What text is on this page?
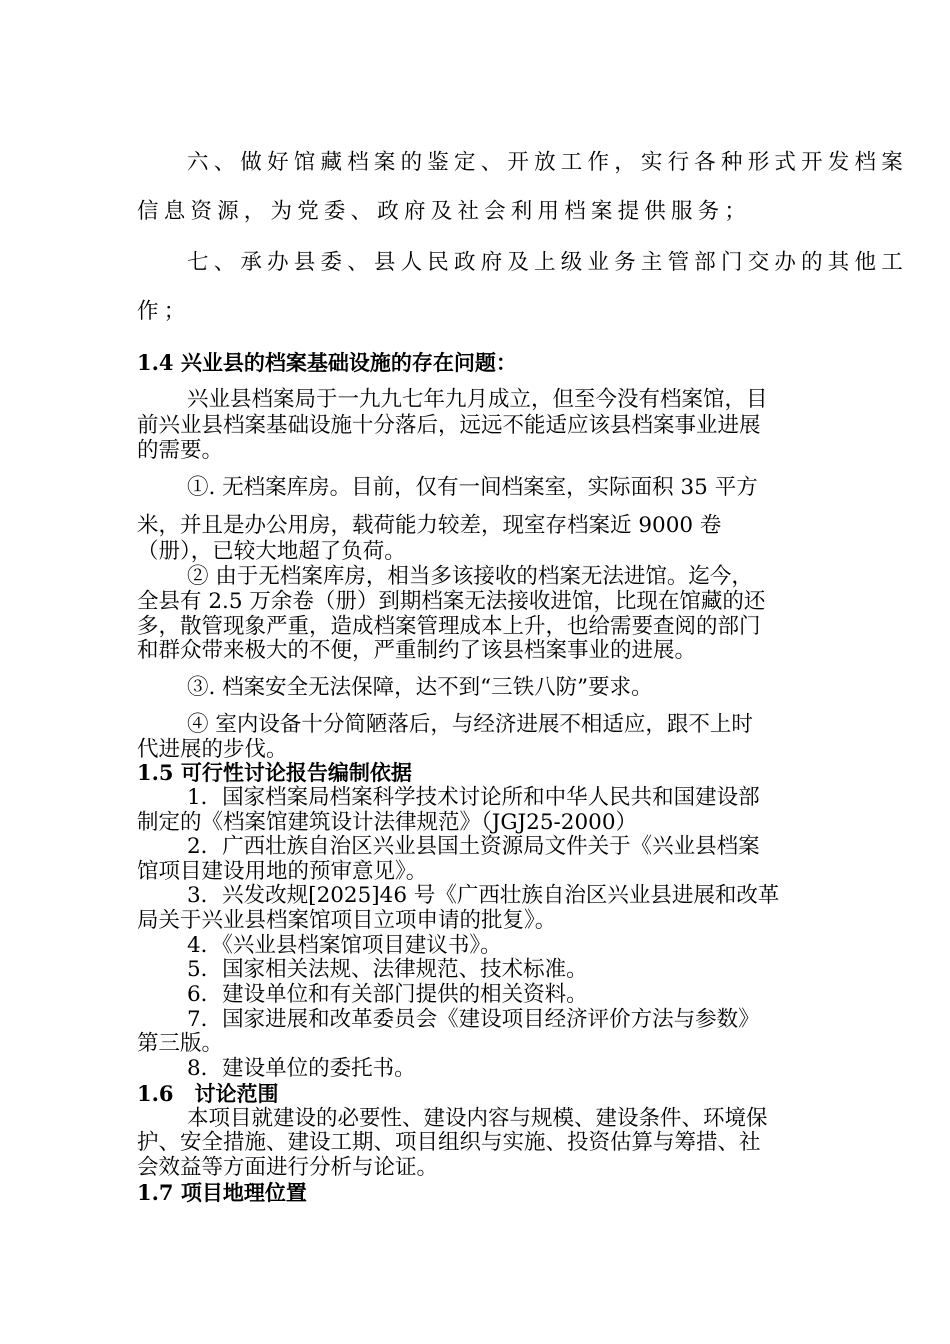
六、做好馆藏档案的鉴定、开放工作，实行各种形式开发档案
信息资源，为党委、政府及社会利用档案提供服务；
七、承办县委、县人民政府及上级业务主管部门交办的其他工
作；
1.4 兴业县的档案基础设施的存在问题：
兴业县档案局于一九九七年九月成立，但至今没有档案馆，目
前兴业县档案基础设施十分落后，远远不能适应该县档案事业进展
的需要。
①. 无档案库房。目前，仅有一间档案室，实际面积 35 平方
米，并且是办公用房，载荷能力较差，现室存档案近 9000 卷
（册），已较大地超了负荷。
② 由于无档案库房，相当多该接收的档案无法进馆。迄今，
全县有 2.5 万余卷（册）到期档案无法接收进馆，比现在馆藏的还
多，散管现象严重，造成档案管理成本上升，也给需要查阅的部门
和群众带来极大的不便，严重制约了该县档案事业的进展。
③. 档案安全无法保障，达不到“三铁八防”要求。
④ 室内设备十分简陋落后，与经济进展不相适应，跟不上时
代进展的步伐。
1.5 可行性讨论报告编制依据
1．国家档案局档案科学技术讨论所和中华人民共和国建设部
制定的《档案馆建筑设计法律规范》（JGJ25-2000）
2．广西壮族自治区兴业县国土资源局文件关于《兴业县档案
馆项目建设用地的预审意见》。
3．兴发改规[2025]46 号《广西壮族自治区兴业县进展和改革
局关于兴业县档案馆项目立项申请的批复》。
4．《兴业县档案馆项目建议书》。
5．国家相关法规、法律规范、技术标准。
6．建设单位和有关部门提供的相关资料。
7．国家进展和改革委员会《建设项目经济评价方法与参数》
第三版。
8．建设单位的委托书。
1.6　讨论范围
本项目就建设的必要性、建设内容与规模、建设条件、环境保
护、安全措施、建设工期、项目组织与实施、投资估算与筹措、社
会效益等方面进行分析与论证。
1.7 项目地理位置
